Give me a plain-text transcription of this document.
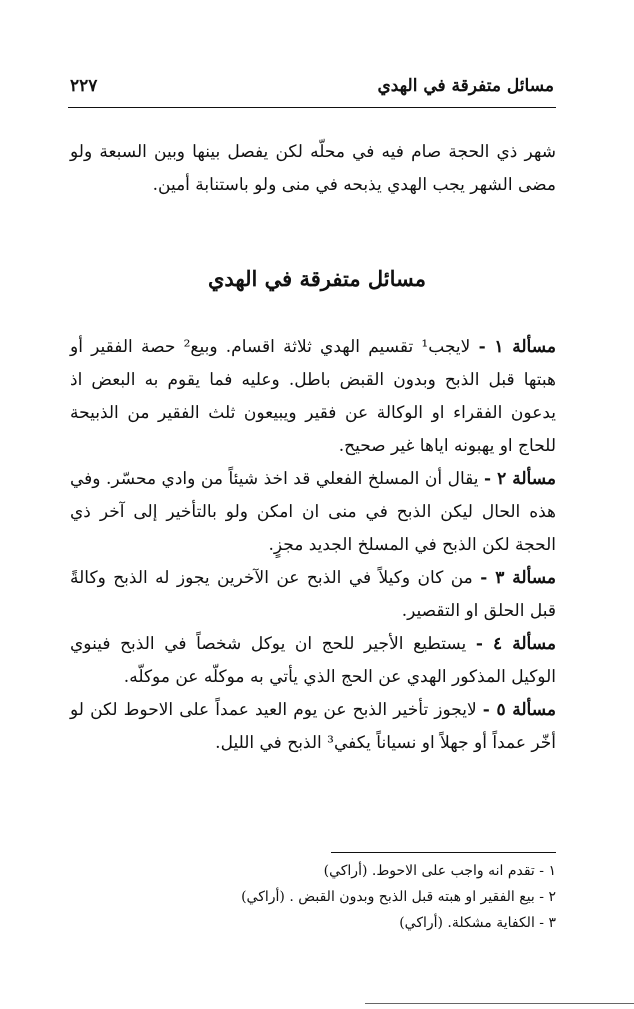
مسائل متفرقة في الهدي
٢٢٧
شهر ذي الحجة صام فيه في محلّه لكن يفصل بينها وبين السبعة ولو مضى الشهر يجب الهدي يذبحه في منى ولو باستنابة أمين.
مسائل متفرقة في الهدي

مسألة ١ - لايجب¹ تقسيم الهدي ثلاثة اقسام. وبيع² حصة الفقير أو هبتها قبل الذبح وبدون القبض باطل. وعليه فما يقوم به البعض اذ يدعون الفقراء او الوكالة عن فقير ويبيعون ثلث الفقير من الذبيحة للحاج او يهبونه اياها غير صحيح.

مسألة ٢ - يقال أن المسلخ الفعلي قد اخذ شيئاً من وادي محسّر. وفي هذه الحال ليكن الذبح في منى ان امكن ولو بالتأخير إلى آخر ذي الحجة لكن الذبح في المسلخ الجديد مجزٍ.

مسألة ٣ - من كان وكيلاً في الذبح عن الآخرين يجوز له الذبح وكالةً قبل الحلق او التقصير.

مسألة ٤ - يستطيع الأجير للحج ان يوكل شخصاً في الذبح فينوي الوكيل المذكور الهدي عن الحج الذي يأتي به موكلّه عن موكلّه.

مسألة ٥ - لايجوز تأخير الذبح عن يوم العيد عمداً على الاحوط لكن لو أخّر عمداً أو جهلاً او نسياناً يكفي³ الذبح في الليل.

١ - تقدم انه واجب على الاحوط. (أراكي)

٢ - بيع الفقير او هبته قبل الذبح وبدون القبض . (أراكي)

٣ - الكفاية مشكلة. (أراكي)
